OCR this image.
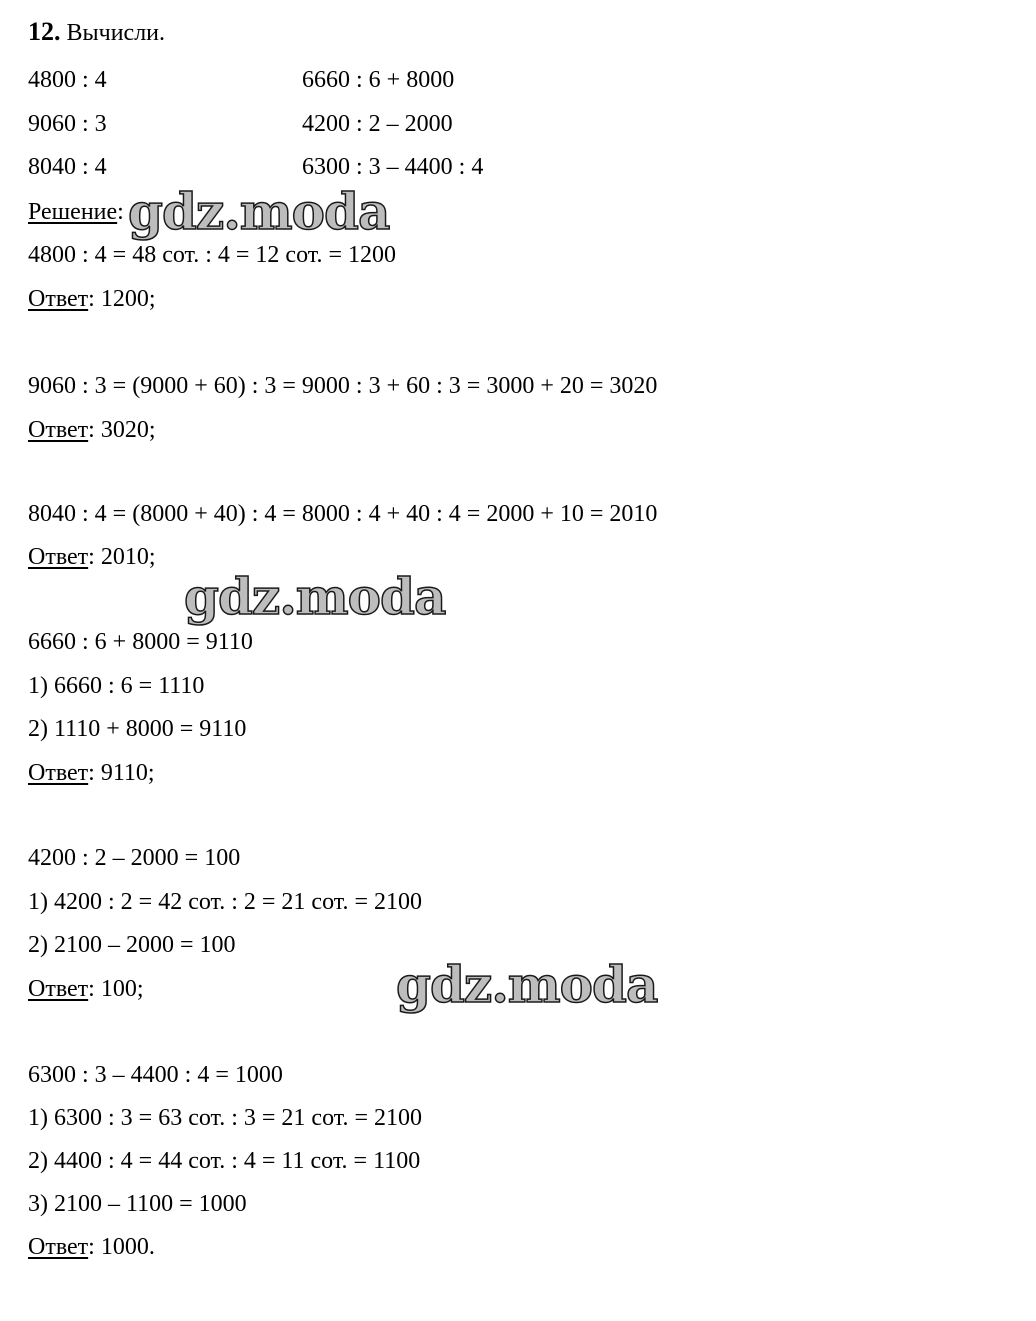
12. Вычисли.
4800 : 4
9060 : 3
8040 : 4
6660 : 6 + 8000
4200 : 2 – 2000
6300 : 3 – 4400 : 4
Решение:
4800 : 4 = 48 сот. : 4 = 12 сот. = 1200
Ответ: 1200;
9060 : 3 = (9000 + 60) : 3 = 9000 : 3 + 60 : 3 = 3000 + 20 = 3020
Ответ: 3020;
8040 : 4 = (8000 + 40) : 4 = 8000 : 4 + 40 : 4 = 2000 + 10 = 2010
Ответ: 2010;
6660 : 6 + 8000 = 9110
1) 6660 : 6 = 1110
2) 1110 + 8000 = 9110
Ответ: 9110;
4200 : 2 – 2000 = 100
1) 4200 : 2 = 42 сот. : 2 = 21 сот. = 2100
2) 2100 – 2000 = 100
Ответ: 100;
6300 : 3 – 4400 : 4 = 1000
1) 6300 : 3 = 63 сот. : 3 = 21 сот. = 2100
2) 4400 : 4 = 44 сот. : 4 = 11 сот. = 1100
3) 2100 – 1100 = 1000
Ответ: 1000.
gdz.moda
gdz.moda
gdz.moda
